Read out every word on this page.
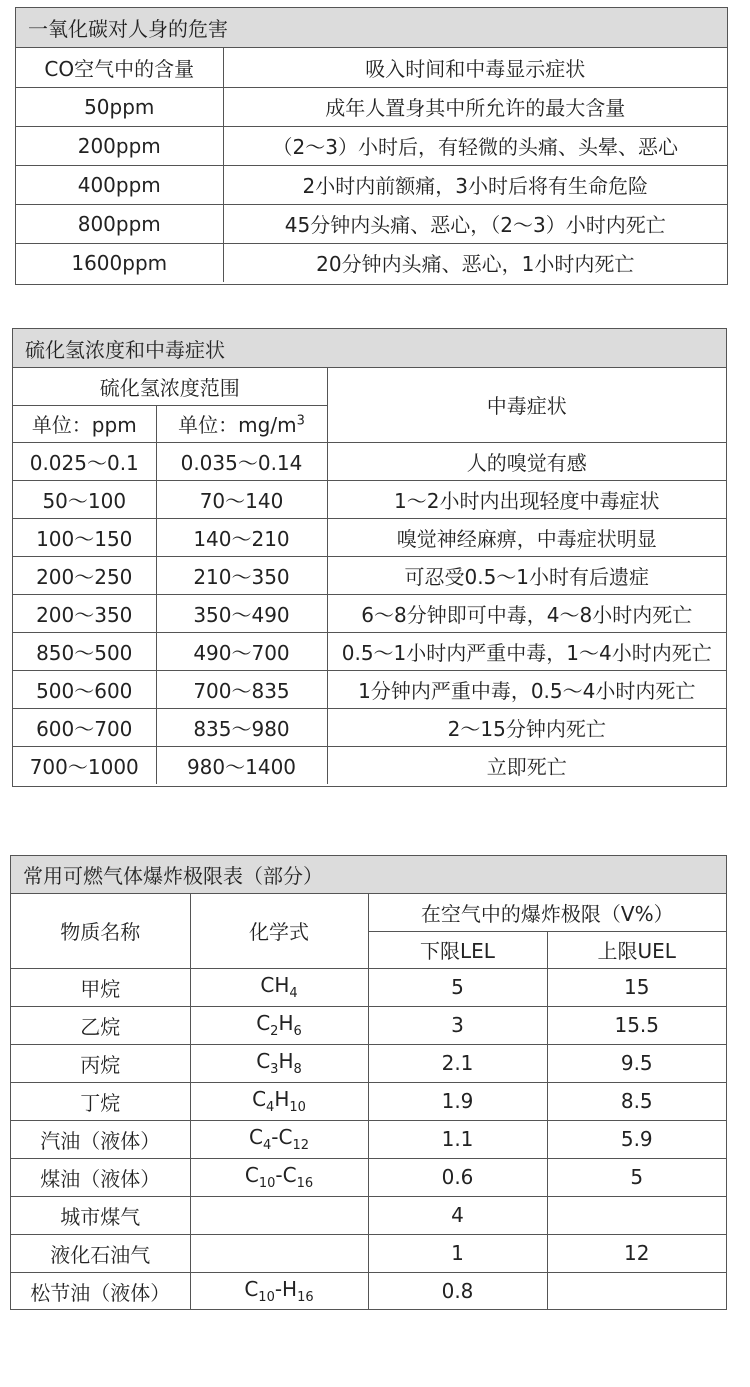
一氧化碳对人身的危害
CO空气中的含量	吸入时间和中毒显示症状
50ppm	成年人置身其中所允许的最大含量
200ppm	（2～3）小时后，有轻微的头痛、头晕、恶心
400ppm	2小时内前额痛，3小时后将有生命危险
800ppm	45分钟内头痛、恶心，（2～3）小时内死亡
1600ppm	20分钟内头痛、恶心，1小时内死亡
硫化氢浓度和中毒症状
硫化氢浓度范围		中毒症状
单位：ppm	单位：$mg/m^3$
0.025～0.1	0.035～0.14	人的嗅觉有感
50～100	70～140	1～2小时内出现轻度中毒症状
100～150	140～210	嗅觉神经麻痹，中毒症状明显
200～250	210～350	可忍受0.5～1小时有后遗症
200～350	350～490	6～8分钟即可中毒，4～8小时内死亡
850～500	490～700	0.5～1小时内严重中毒，1～4小时内死亡
500～600	700～835	1分钟内严重中毒，0.5～4小时内死亡
600～700	835～980	2～15分钟内死亡
700～1000	980～1400	立即死亡
常用可燃气体爆炸极限表（部分）
物质名称	化学式	在空气中的爆炸极限（V%）	
		下限LEL	上限UEL
甲烷	$CH_4$	5	15
乙烷	$C_2H_6$	3	15.5
丙烷	$C_3H_8$	2.1	9.5
丁烷	$C_4H_{10}$	1.9	8.5
汽油（液体）	$C_4-C_{12}$	1.1	5.9
煤油（液体）	$C_{10}-C_{16}$	0.6	5
城市煤气		4	
液化石油气		1	12
松节油（液体）	$C_{10}-H_{16}$	0.8	
